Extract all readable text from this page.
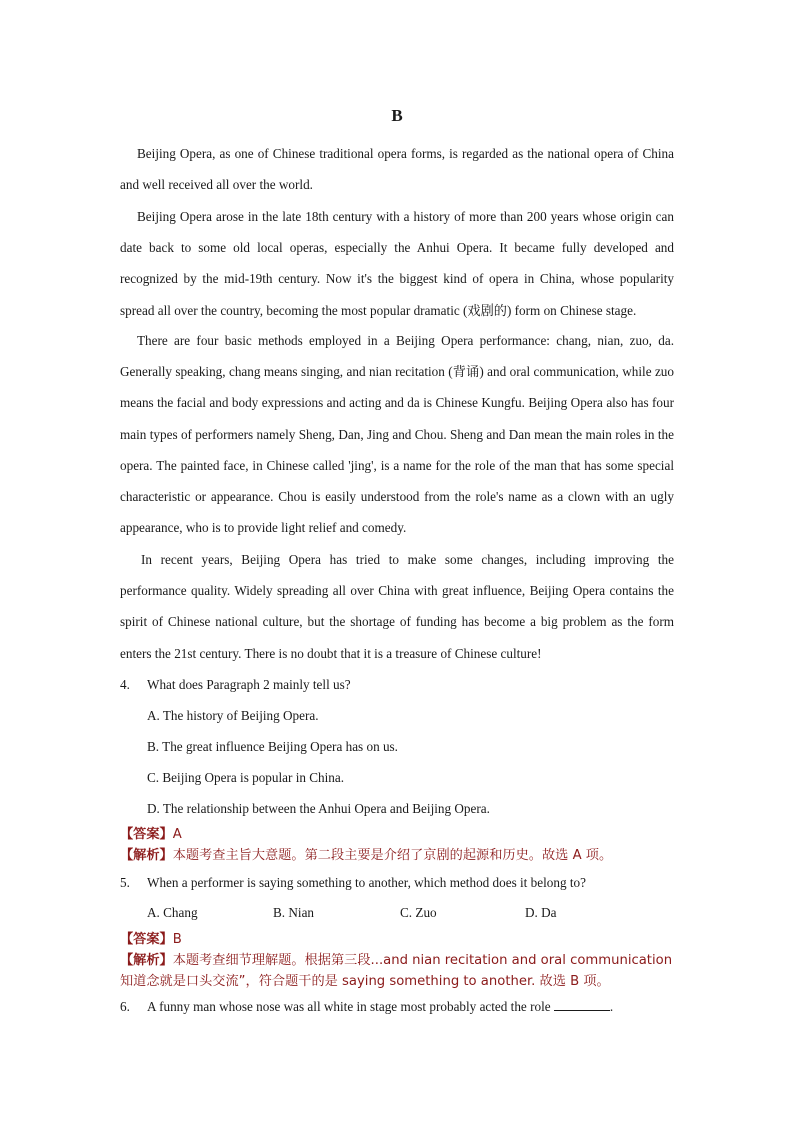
B

Beijing Opera, as one of Chinese traditional opera forms, is regarded as the national opera of China and well received all over the world.

Beijing Opera arose in the late 18th century with a history of more than 200 years whose origin can date back to some old local operas, especially the Anhui Opera. It became fully developed and recognized by the mid-19th century. Now it's the biggest kind of opera in China, whose popularity spread all over the country, becoming the most popular dramatic (戏剧的) form on Chinese stage.

There are four basic methods employed in a Beijing Opera performance: chang, nian, zuo, da. Generally speaking, chang means singing, and nian recitation (背诵) and oral communication, while zuo means the facial and body expressions and acting and da is Chinese Kungfu. Beijing Opera also has four main types of performers namely Sheng, Dan, Jing and Chou. Sheng and Dan mean the main roles in the opera. The painted face, in Chinese called 'jing', is a name for the role of the man that has some special characteristic or appearance. Chou is easily understood from the role's name as a clown with an ugly appearance, who is to provide light relief and comedy.

In recent years, Beijing Opera has tried to make some changes, including improving the performance quality. Widely spreading all over China with great influence, Beijing Opera contains the spirit of Chinese national culture, but the shortage of funding has become a big problem as the form enters the 21st century. There is no doubt that it is a treasure of Chinese culture!

4. What does Paragraph 2 mainly tell us?
A. The history of Beijing Opera.
B. The great influence Beijing Opera has on us.
C. Beijing Opera is popular in China.
D. The relationship between the Anhui Opera and Beijing Opera.
【答案】A
【解析】本题考查主旨大意题。第二段主要是介绍了京剧的起源和历史。故选 A 项。
5. When a performer is saying something to another, which method does it belong to?
A. Chang	B. Nian	C. Zuo	D. Da
【答案】B
【解析】本题考查细节理解题。根据第三段...and nian recitation and oral communication 知道念就是口头交流”，符合题干的是 saying something to another. 故选 B 项。
6. A funny man whose nose was all white in stage most probably acted the role	.
